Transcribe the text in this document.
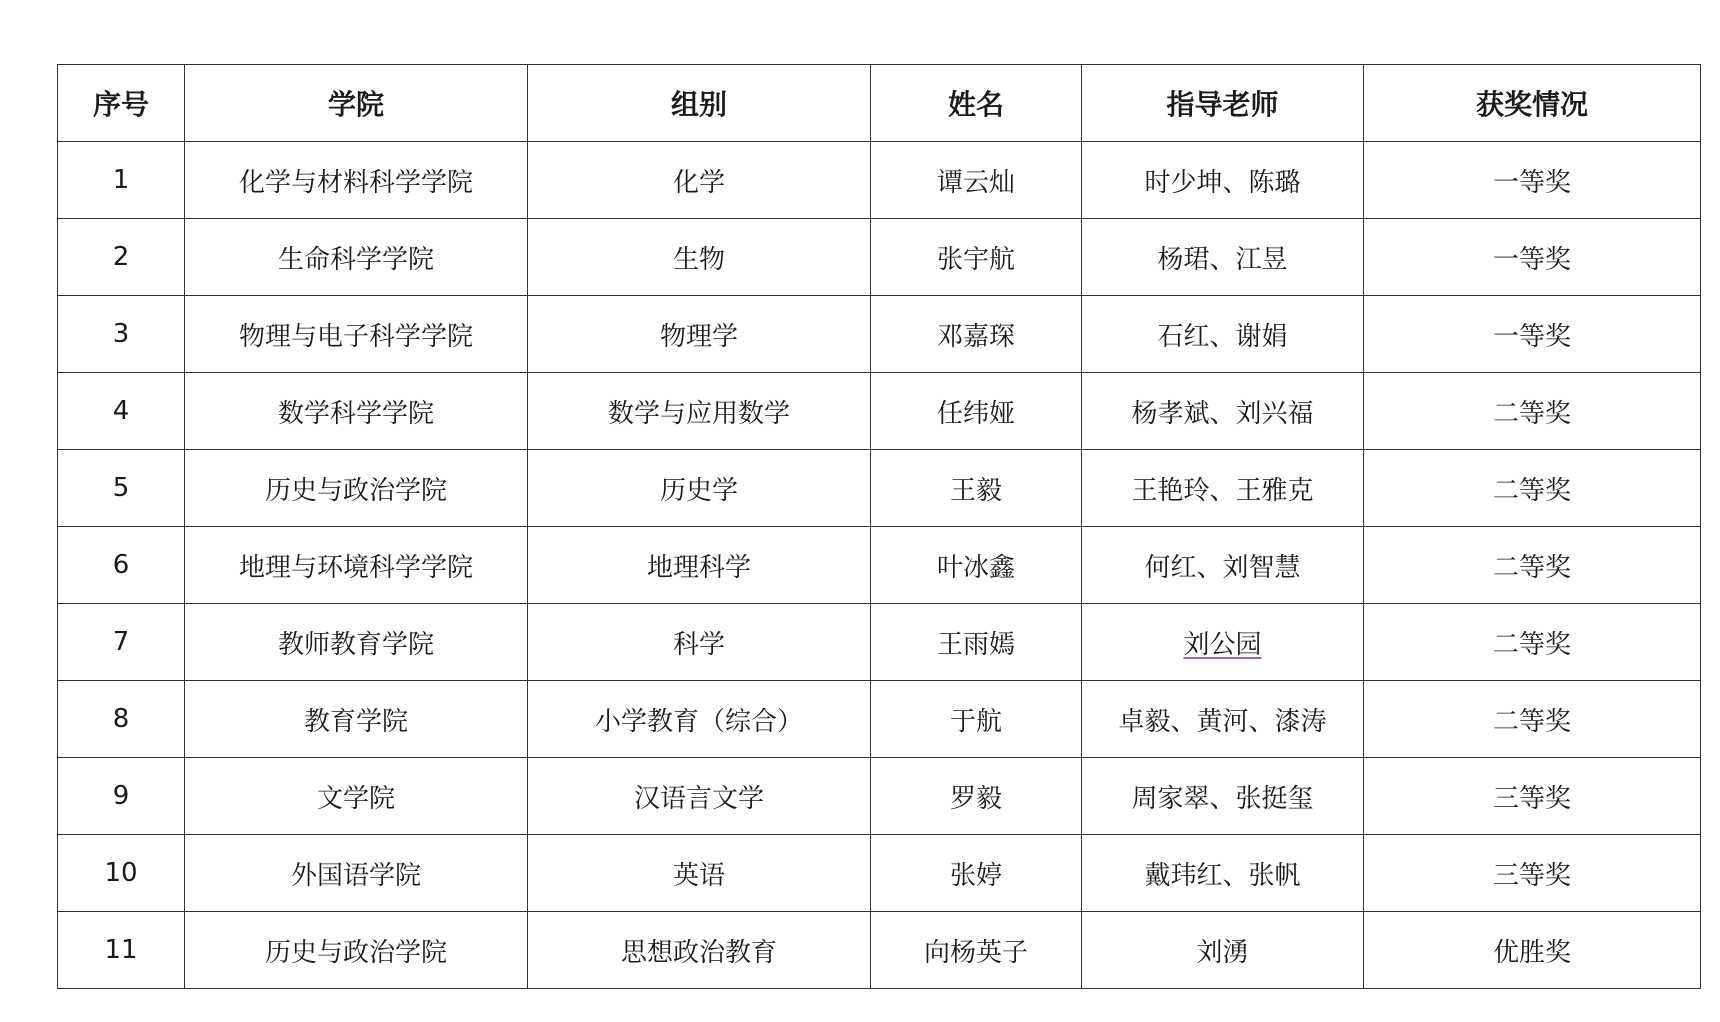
序号	学院	组别	姓名	指导老师	获奖情况
1	化学与材料科学学院	化学	谭云灿	时少坤、陈璐	一等奖
2	生命科学学院	生物	张宇航	杨珺、江昱	一等奖
3	物理与电子科学学院	物理学	邓嘉琛	石红、谢娟	一等奖
4	数学科学学院	数学与应用数学	任纬娅	杨孝斌、刘兴福	二等奖
5	历史与政治学院	历史学	王毅	王艳玲、王雅克	二等奖
6	地理与环境科学学院	地理科学	叶冰鑫	何红、刘智慧	二等奖
7	教师教育学院	科学	王雨嫣	刘公园	二等奖
8	教育学院	小学教育（综合）	于航	卓毅、黄河、漆涛	二等奖
9	文学院	汉语言文学	罗毅	周家翠、张挺玺	三等奖
10	外国语学院	英语	张婷	戴玮红、张帆	三等奖
11	历史与政治学院	思想政治教育	向杨英子	刘湧	优胜奖
